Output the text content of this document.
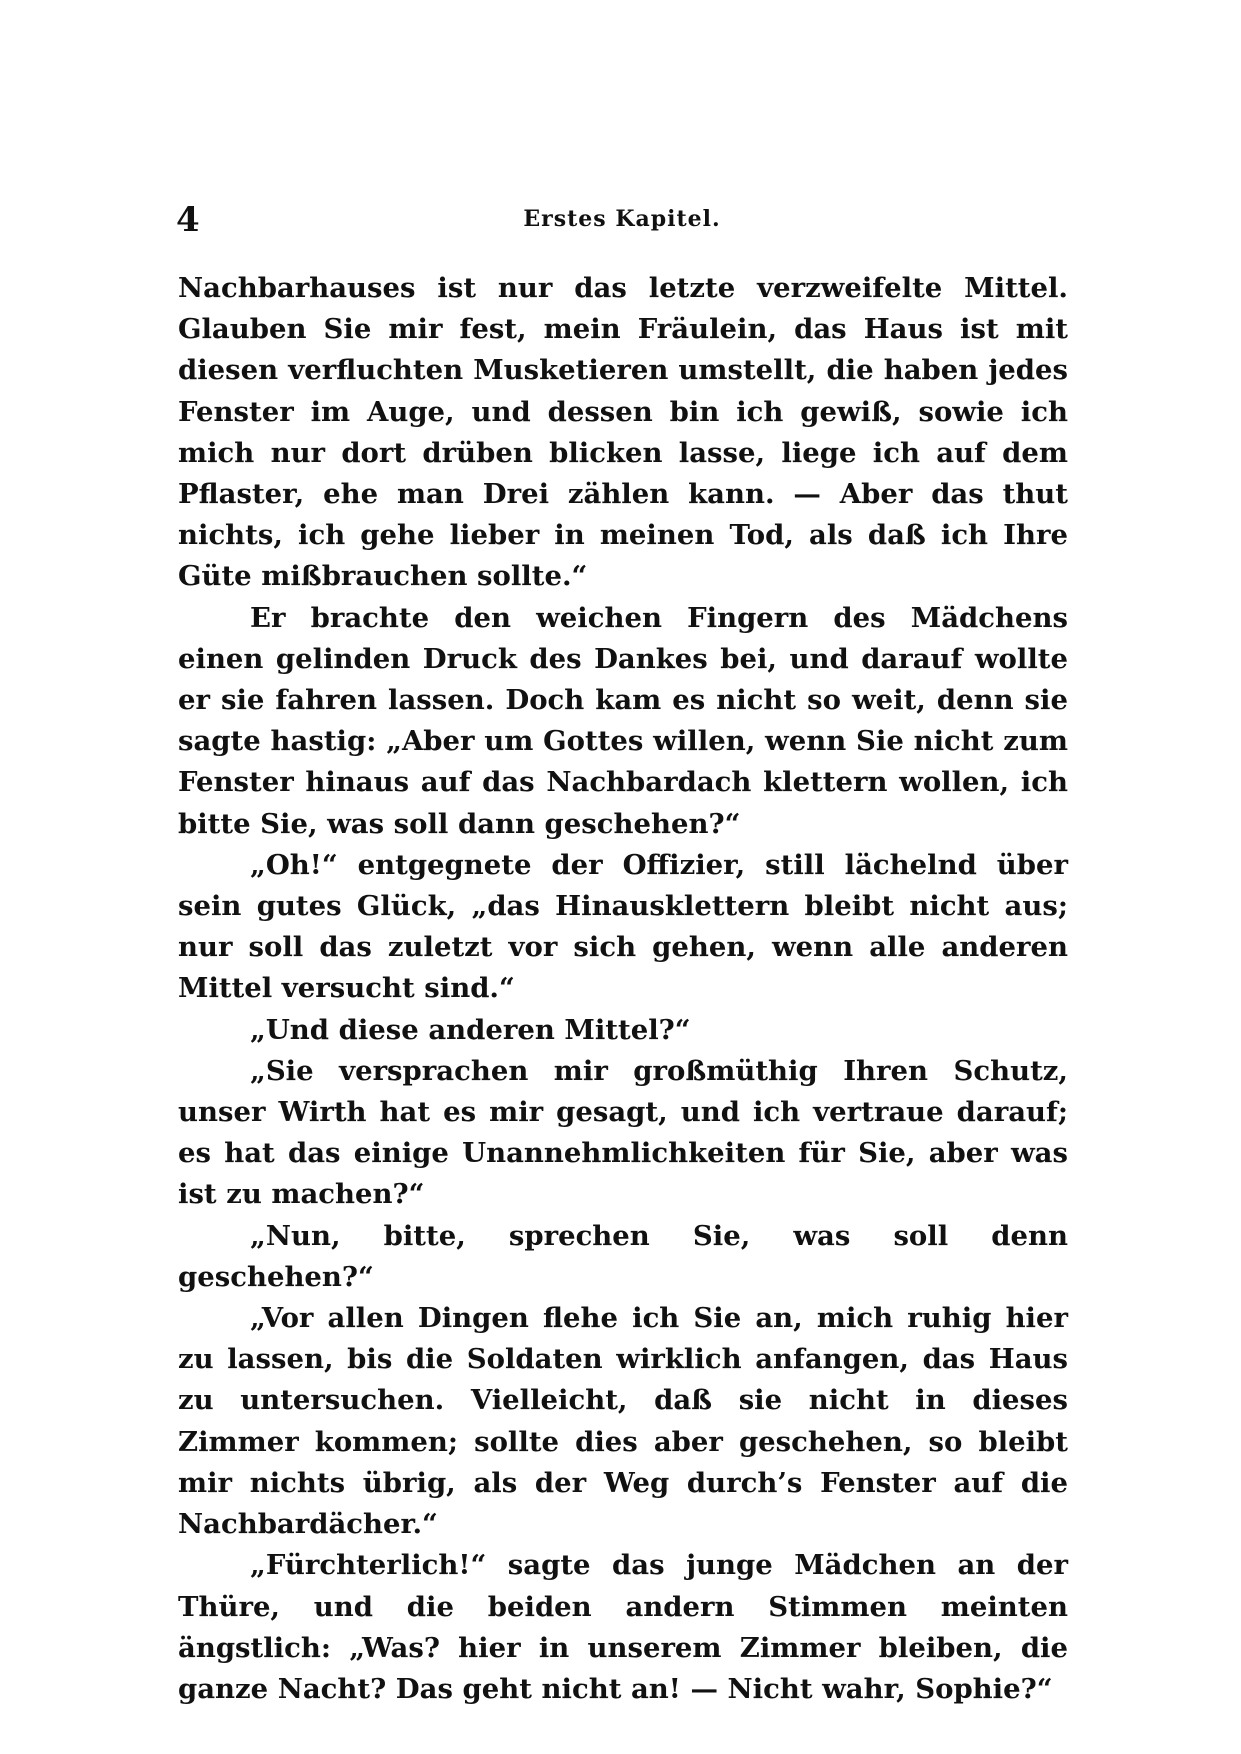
4	Erstes Kapitel.

Nachbarhauses ist nur das letzte verzweifelte Mittel. Glauben Sie mir fest, mein Fräulein, das Haus ist mit diesen verfluchten Musketieren umstellt, die haben jedes Fenster im Auge, und dessen bin ich gewiß, sowie ich mich nur dort drüben blicken lasse, liege ich auf dem Pflaster, ehe man Drei zählen kann. — Aber das thut nichts, ich gehe lieber in meinen Tod, als daß ich Ihre Güte mißbrauchen sollte.“

Er brachte den weichen Fingern des Mädchens einen gelinden Druck des Dankes bei, und darauf wollte er sie fahren lassen. Doch kam es nicht so weit, denn sie sagte hastig: „Aber um Gottes willen, wenn Sie nicht zum Fenster hinaus auf das Nachbardach klettern wollen, ich bitte Sie, was soll dann geschehen?“

„Oh!“ entgegnete der Offizier, still lächelnd über sein gutes Glück, „das Hinausklettern bleibt nicht aus; nur soll das zuletzt vor sich gehen, wenn alle anderen Mittel versucht sind.“

„Und diese anderen Mittel?“

„Sie versprachen mir großmüthig Ihren Schutz, unser Wirth hat es mir gesagt, und ich vertraue darauf; es hat das einige Unannehmlichkeiten für Sie, aber was ist zu machen?“

„Nun, bitte, sprechen Sie, was soll denn geschehen?“

„Vor allen Dingen flehe ich Sie an, mich ruhig hier zu lassen, bis die Soldaten wirklich anfangen, das Haus zu untersuchen. Vielleicht, daß sie nicht in dieses Zimmer kommen; sollte dies aber geschehen, so bleibt mir nichts übrig, als der Weg durch’s Fenster auf die Nachbardächer.“

„Fürchterlich!“ sagte das junge Mädchen an der Thüre, und die beiden andern Stimmen meinten ängstlich: „Was? hier in unserem Zimmer bleiben, die ganze Nacht? Das geht nicht an! — Nicht wahr, Sophie?“
